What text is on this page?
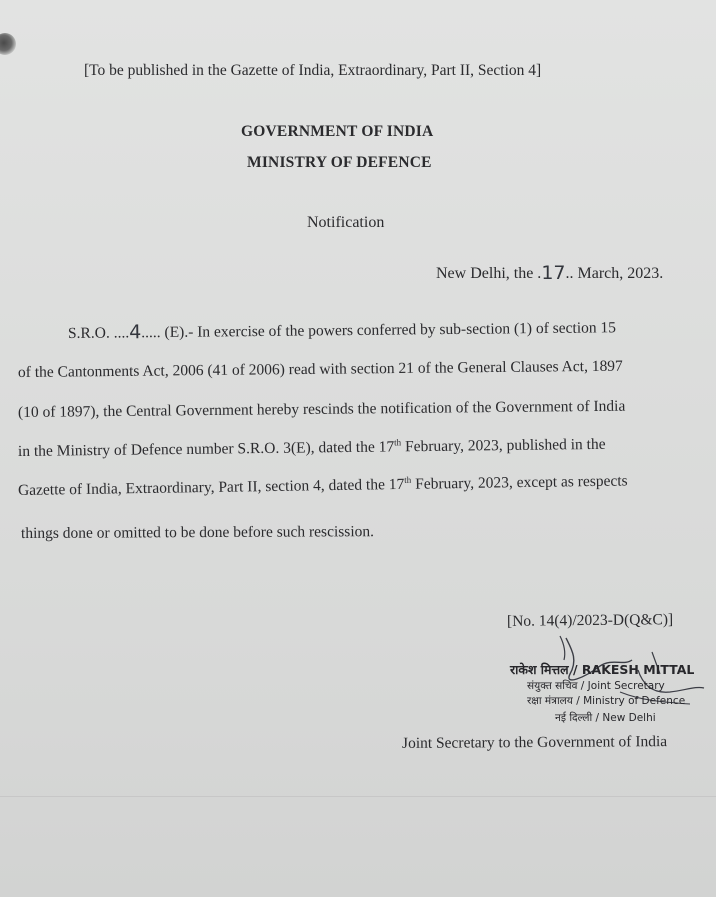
[To be published in the Gazette of India, Extraordinary, Part II, Section 4]
GOVERNMENT OF INDIA
MINISTRY OF DEFENCE
Notification
New Delhi, the .17.. March, 2023.
S.R.O. ....4..... (E).- In exercise of the powers conferred by sub-section (1) of section 15
of the Cantonments Act, 2006 (41 of 2006) read with section 21 of the General Clauses Act, 1897
(10 of 1897), the Central Government hereby rescinds the notification of the Government of India
in the Ministry of Defence number S.R.O. 3(E), dated the 17th February, 2023, published in the
Gazette of India, Extraordinary, Part II, section 4, dated the 17th February, 2023, except as respects
things done or omitted to be done before such rescission.
[No. 14(4)/2023-D(Q&C)]
राकेश मित्तल / RAKESH MITTAL
संयुक्त सचिव / Joint Secretary
रक्षा मंत्रालय / Ministry of Defence
नई दिल्ली / New Delhi
Joint Secretary to the Government of India
